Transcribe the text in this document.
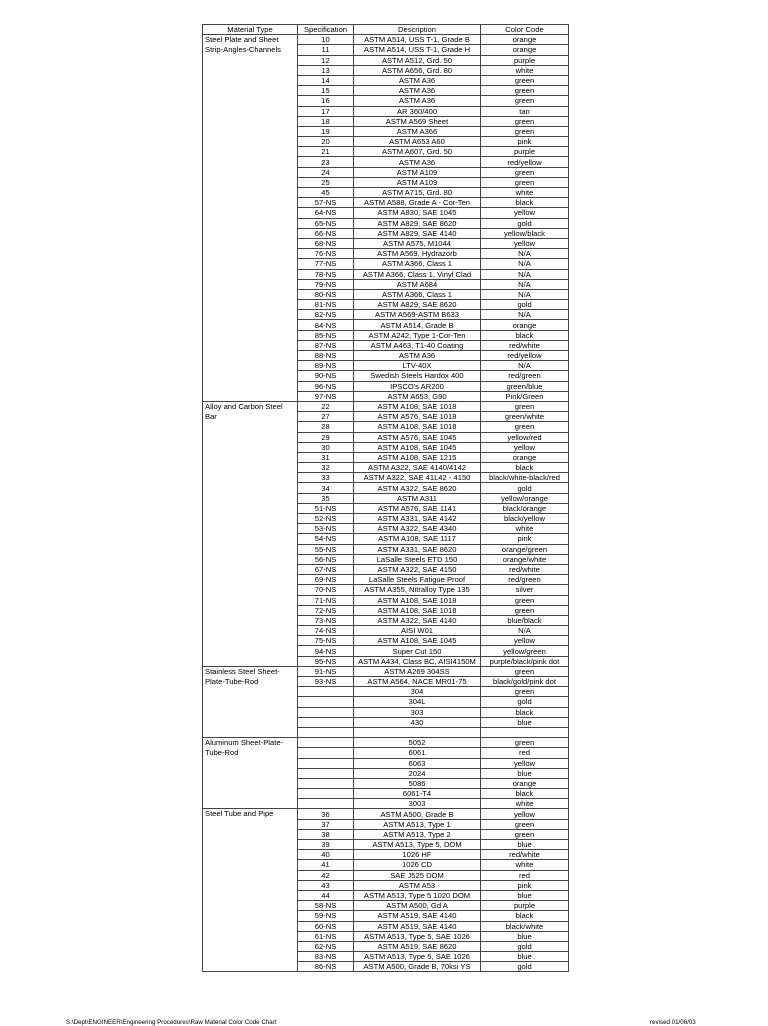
Material Type	Specification	Description	Color Code
Steel Plate and Sheet Strip-Angles-Channels	10	ASTM A514, USS T-1, Grade B	orange
	11	ASTM A514, USS T-1, Grade H	orange
	12	ASTM A512, Grd. 50	purple
	13	ASTM A656, Grd. 80	white
	14	ASTM A36	green
	15	ASTM A36	green
	16	ASTM A36	green
	17	AR 360/400	tan
	18	ASTM A569 Sheet	green
	19	ASTM A366	green
	20	ASTM A653 A60	pink
	21	ASTM A607, Grd. 50	purple
	23	ASTM A36	red/yellow
	24	ASTM A109	green
	25	ASTM A109	green
	45	ASTM A715, Grd. 80	white
	57-NS	ASTM A588, Grade A - Cor-Ten	black
	64-NS	ASTM A830, SAE 1045	yellow
	65-NS	ASTM A829, SAE 8620	gold
	66-NS	ASTM A829, SAE 4140	yellow/black
	68-NS	ASTM A575, M1044	yellow
	76-NS	ASTM A569, Hydrazorb	N/A
	77-NS	ASTM A366, Class 1	N/A
	78-NS	ASTM A366, Class 1, Vinyl Clad	N/A
	79-NS	ASTM A684	N/A
	80-NS	ASTM A366, Class 1	N/A
	81-NS	ASTM A829, SAE 8620	gold
	82-NS	ASTM A569-ASTM B633	N/A
	84-NS	ASTM A514, Grade B	orange
	85-NS	ASTM A242, Type 1-Cor-Ten	black
	87-NS	ASTM A463, T1-40 Coating	red/white
	88-NS	ASTM A36	red/yellow
	89-NS	LTV-40X	N/A
	90-NS	Swedish Steels Hardox 400	red/green
	96-NS	IPSCO's AR200	green/blue
	97-NS	ASTM A653, G90	Pink/Green
Alloy and Carbon Steel Bar	22	ASTM A108, SAE 1018	green
	27	ASTM A576, SAE 1018	green/white
	28	ASTM A108, SAE 1018	green
	29	ASTM A576, SAE 1045	yellow/red
	30	ASTM A108, SAE 1045	yellow
	31	ASTM A108, SAE 1215	orange
	32	ASTM A322, SAE 4140/4142	black
	33	ASTM A322, SAE 41L42 - 4150	black/white-black/red
	34	ASTM A322, SAE 8620	gold
	35	ASTM A311	yellow/orange
	51-NS	ASTM A576, SAE 1141	black/orange
	52-NS	ASTM A331, SAE 4142	black/yellow
	53-NS	ASTM A322, SAE 4340	white
	54-NS	ASTM A108, SAE 1117	pink
	55-NS	ASTM A331, SAE 8620	orange/green
	56-NS	LaSalle Steels ETD 150	orange/white
	67-NS	ASTM A322, SAE 4150	red/white
	69-NS	LaSalle Steels Fatigue Proof	red/green
	70-NS	ASTM A355, Nitralloy Type 135	silver
	71-NS	ASTM A108, SAE 1018	green
	72-NS	ASTM A108, SAE 1018	green
	73-NS	ASTM A322, SAE 4140	blue/black
	74-NS	AISI W01	N/A
	75-NS	ASTM A108, SAE 1045	yellow
	94-NS	Super Cut 150	yellow/green
	95-NS	ASTM A434, Class BC, AISI4150M	purple/black/pink dot
Stainless Steel Sheet-Plate-Tube-Rod	91-NS	ASTM A269 304SS	green
	93-NS	ASTM A564, NACE MR01-75	black/gold/pink dot
		304	green
		304L	gold
		303	black
		430	blue

Aluminum Sheet-Plate-Tube-Rod		5052	green
		6061	red
		6063	yellow
		2024	blue
		5086	orange
		6061-T4	black
		3003	white
Steel Tube and Pipe	36	ASTM A500, Grade B	yellow
	37	ASTM A513, Type 1	green
	38	ASTM A513, Type 2	green
	39	ASTM A513, Type 5, DOM	blue
	40	1026 HF	red/white
	41	1026 CD	white
	42	SAE J525 DOM	red
	43	ASTM A53	pink
	44	ASTM A513, Type 5 1020 DOM	blue
	58-NS	ASTM A500, Gd A	purple
	59-NS	ASTM A519, SAE 4140	black
	60-NS	ASTM A519, SAE 4140	black/white
	61-NS	ASTM A513, Type 5, SAE 1026	blue
	62-NS	ASTM A519, SAE 8620	gold
	83-NS	ASTM A513, Type 5, SAE 1026	blue
	86-NS	ASTM A500, Grade B, 70ksi YS	gold
S:\Dept\ENGINEER\Engineering Procedures\Raw Material Color Code Chart	revised 01/06/03
